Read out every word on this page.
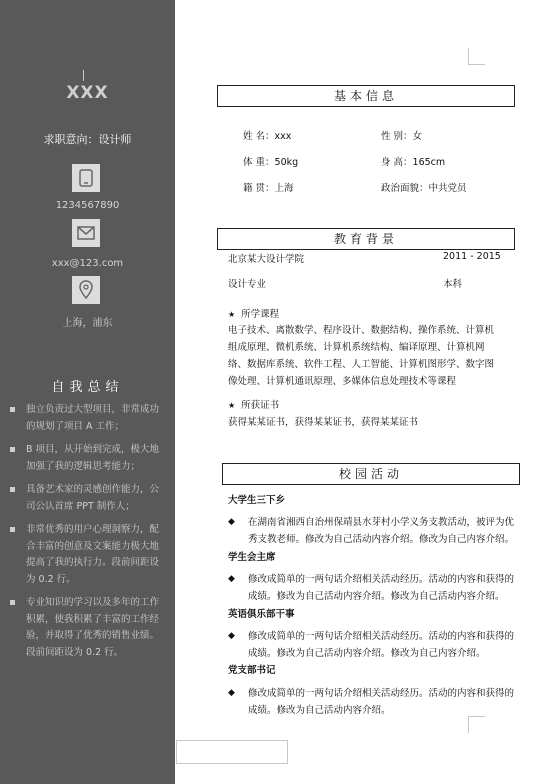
XXX
求职意向：设计师
1234567890
xxx@123.com
上海，浦东
自我总结
独立负责过大型项目，非常成功的规划了项目 A 工作；
B 项目，从开始到完成，极大地加强了我的逻辑思考能力；
具备艺术家的灵感创作能力，公司公认首席 PPT 制作人；
非常优秀的用户心理洞察力，配合丰富的创意及文案能力极大地提高了我的执行力。段前间距设为 0.2 行。
专业知识的学习以及多年的工作积累，使我积累了丰富的工作经验，并取得了优秀的销售业绩。段前间距设为 0.2 行。
基本信息
姓 名：xxx	性 别：女
体 重：50kg	身 高：165cm
籍 贯：上海	政治面貌：中共党员
教育背景
北京某大设计学院	2011 - 2015
设计专业	本科
★ 所学课程
电子技术、离散数学、程序设计、数据结构、操作系统、计算机组成原理、微机系统、计算机系统结构、编译原理、计算机网络、数据库系统、软件工程、人工智能、计算机图形学、数字图像处理、计算机通讯原理、多媒体信息处理技术等课程
★ 所获证书
获得某某证书，获得某某证书，获得某某证书
校园活动
大学生三下乡
◆	在湖南省湘西自治州保靖县水芽村小学义务支教活动，被评为优秀支教老师。修改为自己活动内容介绍。修改为自己内容介绍。
学生会主席
◆	修改成简单的一两句话介绍相关活动经历。活动的内容和获得的成绩。修改为自己活动内容介绍。修改为自己活动内容介绍。
英语俱乐部干事
◆	修改成简单的一两句话介绍相关活动经历。活动的内容和获得的成绩。修改为自己活动内容介绍。修改为自己内容介绍。
党支部书记
◆	修改成简单的一两句话介绍相关活动经历。活动的内容和获得的成绩。修改为自己活动内容介绍。
